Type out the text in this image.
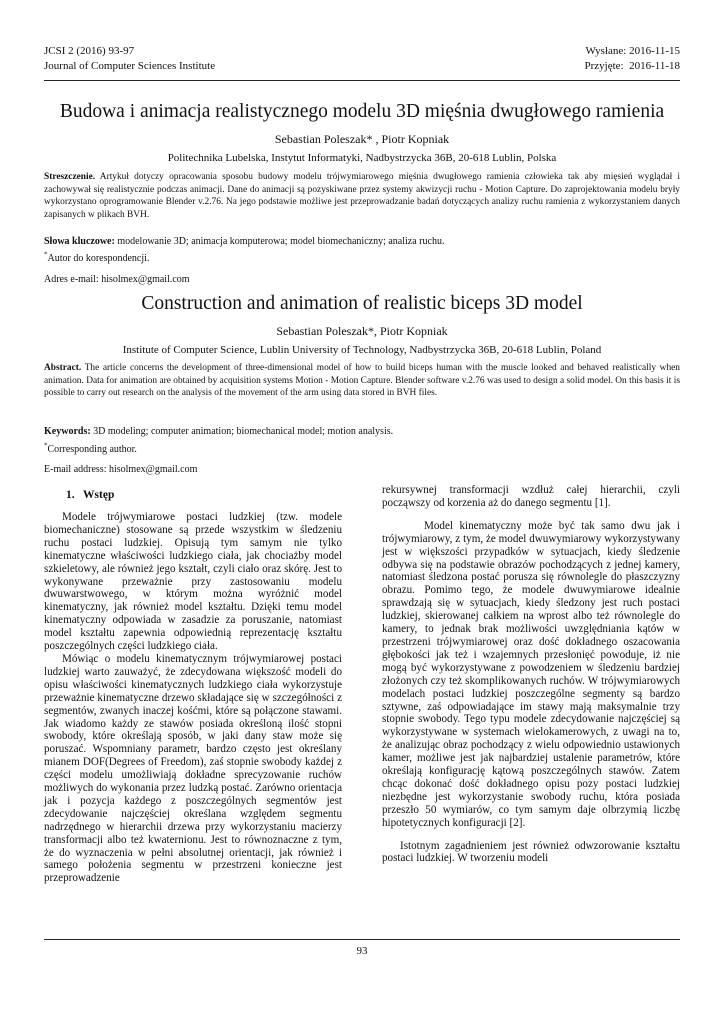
JCSI 2 (2016) 93-97
Journal of Computer Sciences Institute
Wysłane: 2016-11-15
Przyjęte:  2016-11-18
Budowa i animacja realistycznego modelu 3D mięśnia dwugłowego ramienia
Sebastian Poleszak* , Piotr Kopniak
Politechnika Lubelska, Instytut Informatyki, Nadbystrzycka 36B, 20-618 Lublin, Polska
Streszczenie. Artykuł dotyczy opracowania sposobu budowy modelu trójwymiarowego mięśnia dwugłowego ramienia człowieka tak aby mięsień wyglądał i zachowywał się realistycznie podczas animacji. Dane do animacji są pozyskiwane przez systemy akwizycji ruchu - Motion Capture. Do zaprojektowania modelu bryły wykorzystano oprogramowanie Blender v.2.76. Na jego podstawie możliwe jest przeprowadzanie badań dotyczących analizy ruchu ramienia z wykorzystaniem danych zapisanych w plikach BVH.
Słowa kluczowe: modelowanie 3D; animacja komputerowa; model biomechaniczny; analiza ruchu.
*Autor do korespondencji.
Adres e-mail: hisolmex@gmail.com
Construction and animation of realistic biceps 3D model
Sebastian Poleszak*, Piotr Kopniak
Institute of Computer Science, Lublin University of Technology, Nadbystrzycka 36B, 20-618 Lublin, Poland
Abstract. The article concerns the development of three-dimensional model of how to build biceps human with the muscle looked and behaved realistically when animation. Data for animation are obtained by acquisition systems Motion - Motion Capture. Blender software v.2.76 was used to design a solid model. On this basis it is possible to carry out research on the analysis of the movement of the arm using data stored in BVH files.
Keywords: 3D modeling; computer animation; biomechanical model; motion analysis.
*Corresponding author.
E-mail address: hisolmex@gmail.com
1.   Wstęp

Modele trójwymiarowe postaci ludzkiej (tzw. modele biomechaniczne) stosowane są przede wszystkim w śledzeniu ruchu postaci ludzkiej. Opisują tym samym nie tylko kinematyczne właściwości ludzkiego ciała, jak chociażby model szkieletowy, ale również jego kształt, czyli ciało oraz skórę. Jest to wykonywane przeważnie przy zastosowaniu modelu dwuwarstwowego, w którym można wyróżnić model kinematyczny, jak również model kształtu. Dzięki temu model kinematyczny odpowiada w zasadzie za poruszanie, natomiast model kształtu zapewnia odpowiednią reprezentację kształtu poszczególnych części ludzkiego ciała.

Mówiąc o modelu kinematycznym trójwymiarowej postaci ludzkiej warto zauważyć, że zdecydowana większość modeli do opisu właściwości kinematycznych ludzkiego ciała wykorzystuje przeważnie kinematyczne drzewo składające się w szczegółności z segmentów, zwanych inaczej kośćmi, które są połączone stawami. Jak wiadomo każdy ze stawów posiada określoną ilość stopni swobody, które określają sposób, w jaki dany staw może się poruszać. Wspomniany parametr, bardzo często jest określany mianem DOF(Degrees of Freedom), zaś stopnie swobody każdej z części modelu umożliwiają dokładne sprecyzowanie ruchów możliwych do wykonania przez ludzką postać. Zarówno orientacja jak i pozycja każdego z poszczególnych segmentów jest zdecydowanie najczęściej określana względem segmentu nadrzędnego w hierarchii drzewa przy wykorzystaniu macierzy transformacji albo też kwaternionu. Jest to równoznaczne z tym, że do wyznaczenia w pełni absolutnej orientacji, jak również i samego położenia segmentu w przestrzeni konieczne jest przeprowadzenie

rekursywnej transformacji wzdłuż całej hierarchii, czyli począwszy od korzenia aż do danego segmentu [1].

Model kinematyczny może być tak samo dwu jak i trójwymiarowy, z tym, że model dwuwymiarowy wykorzystywany jest w większości przypadków w sytuacjach, kiedy śledzenie odbywa się na podstawie obrazów pochodzących z jednej kamery, natomiast śledzona postać porusza się równolegle do płaszczyzny obrazu. Pomimo tego, że modele dwuwymiarowe idealnie sprawdzają się w sytuacjach, kiedy śledzony jest ruch postaci ludzkiej, skierowanej całkiem na wprost albo też równolegle do kamery, to jednak brak możliwości uwzględniania kątów w przestrzeni trójwymiarowej oraz dość dokładnego oszacowania głębokości jak też i wzajemnych przesłonięć powoduje, iż nie mogą być wykorzystywane z powodzeniem w śledzeniu bardziej złożonych czy też skomplikowanych ruchów. W trójwymiarowych modelach postaci ludzkiej poszczególne segmenty są bardzo sztywne, zaś odpowiadające im stawy mają maksymalnie trzy stopnie swobody. Tego typu modele zdecydowanie najczęściej są wykorzystywane w systemach wielokamerowych, z uwagi na to, że analizując obraz pochodzący z wielu odpowiednio ustawionych kamer, możliwe jest jak najbardziej ustalenie parametrów, które określają konfigurację kątową poszczególnych stawów. Zatem chcąc dokonać dość dokładnego opisu pozy postaci ludzkiej niezbędne jest wykorzystanie swobody ruchu, która posiada przeszło 50 wymiarów, co tym samym daje olbrzymią liczbę hipotetycznych konfiguracji [2].

Istotnym zagadnieniem jest również odwzorowanie kształtu postaci ludzkiej. W tworzeniu modeli

93
